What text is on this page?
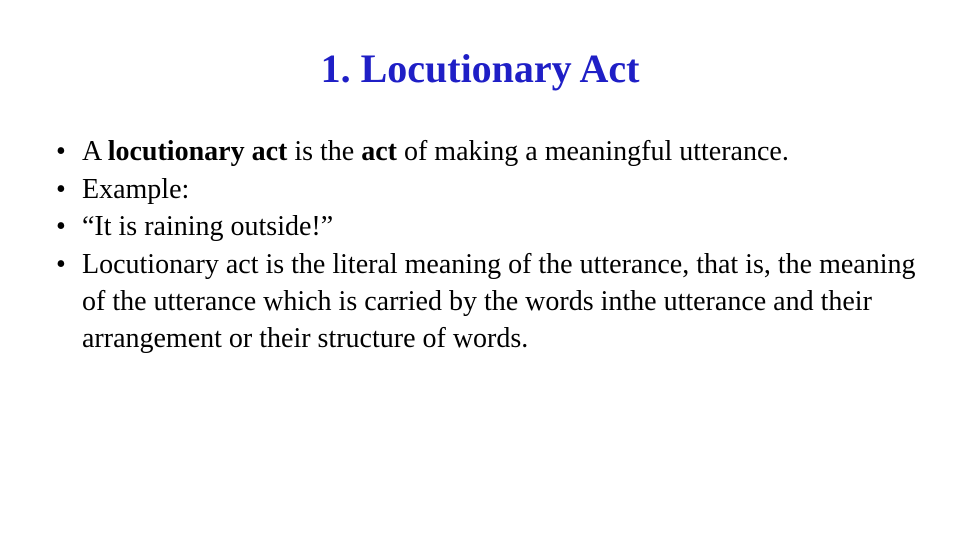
1. Locutionary Act
• A locutionary act is the act of making a meaningful utterance.
• Example:
• “It is raining outside!”
• Locutionary act is the literal meaning of the utterance, that is, the meaning of the utterance which is carried by the words inthe utterance and their arrangement or their structure of words.
